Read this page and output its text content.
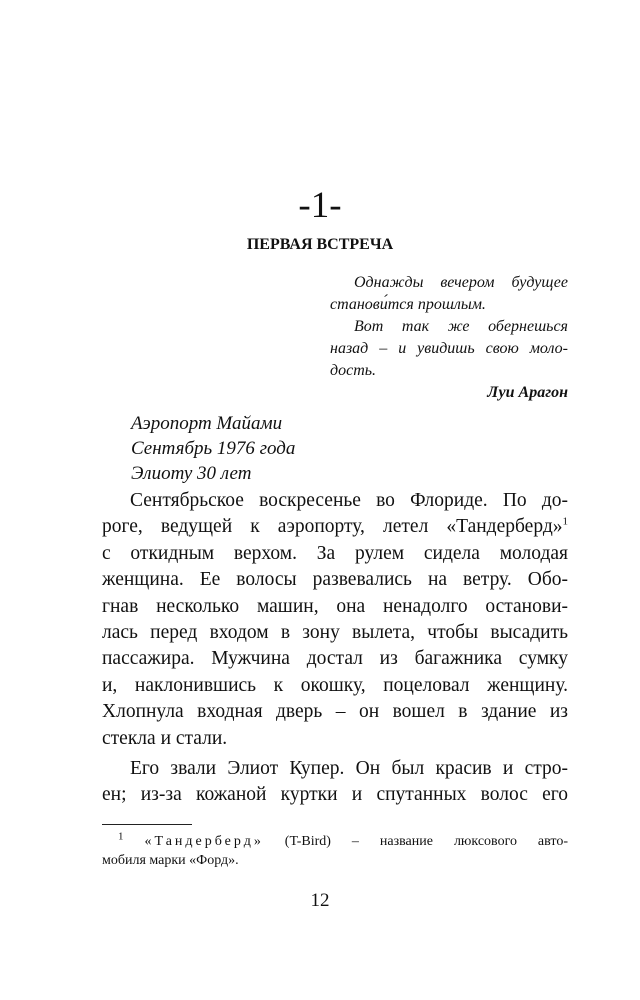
-1-
ПЕРВАЯ ВСТРЕЧА
Однажды вечером будущее
станови́тся прошлым.
Вот так же обернешься
назад – и увидишь свою моло-
дость.
Луи Арагон
Аэропорт Майами
Сентябрь 1976 года
Элиоту 30 лет
Сентябрьское воскресенье во Флориде. По до-
роге, ведущей к аэропорту, летел «Тандерберд»$^1$
с откидным верхом. За рулем сидела молодая
женщина. Ее волосы развевались на ветру. Обо-
гнав несколько машин, она ненадолго останови-
лась перед входом в зону вылета, чтобы высадить
пассажира. Мужчина достал из багажника сумку
и, наклонившись к окошку, поцеловал женщину.
Хлопнула входная дверь – он вошел в здание из
стекла и стали.
Его звали Элиот Купер. Он был красив и стро-
ен; из-за кожаной куртки и спутанных волос его
$^1$ «Тандерберд» (T-Bird) – название люксового авто-
мобиля марки «Форд».
12
